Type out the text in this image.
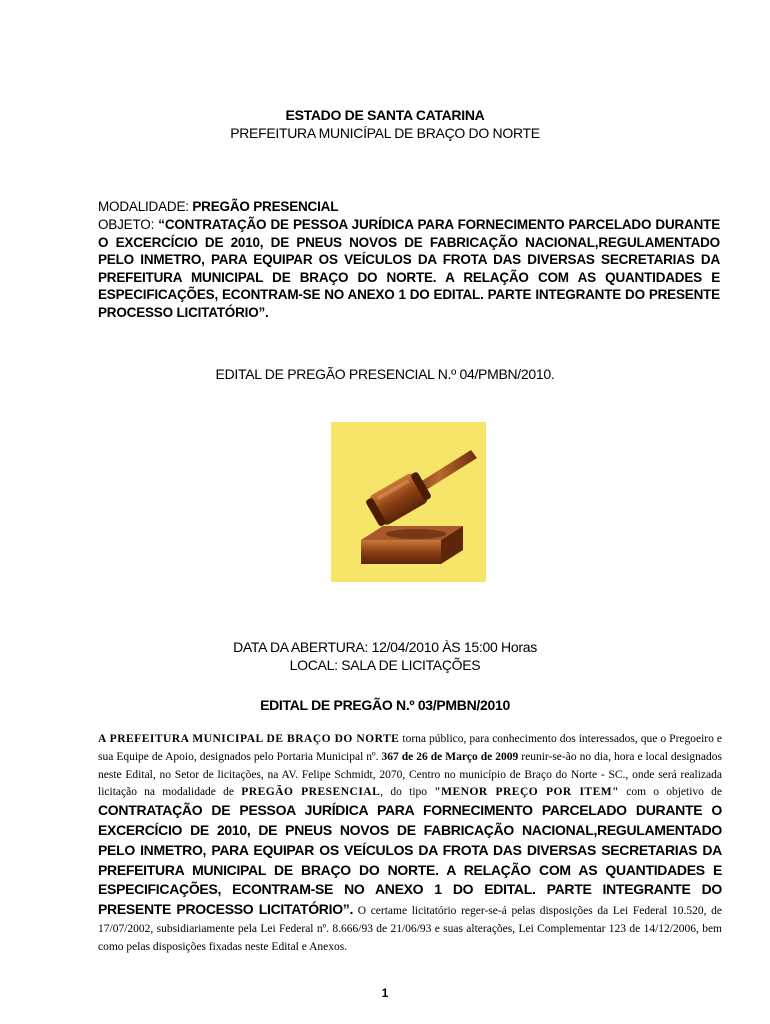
ESTADO DE SANTA CATARINA
PREFEITURA MUNICÍPAL DE BRAÇO DO NORTE
MODALIDADE: PREGÃO PRESENCIAL
OBJETO: “CONTRATAÇÃO DE PESSOA JURÍDICA PARA FORNECIMENTO PARCELADO DURANTE O EXCERCÍCIO DE 2010, DE PNEUS NOVOS DE FABRICAÇÃO NACIONAL,REGULAMENTADO PELO INMETRO, PARA EQUIPAR OS VEÍCULOS DA FROTA DAS DIVERSAS SECRETARIAS DA PREFEITURA MUNICIPAL DE BRAÇO DO NORTE. A RELAÇÃO COM AS QUANTIDADES E ESPECIFICAÇÕES, ECONTRAM-SE NO ANEXO 1 DO EDITAL. PARTE INTEGRANTE DO PRESENTE PROCESSO LICITATÓRIO”.
EDITAL DE PREGÃO PRESENCIAL N.º 04/PMBN/2010.
DATA DA ABERTURA: 12/04/2010 ÀS 15:00 Horas
LOCAL: SALA DE LICITAÇÕES
EDITAL DE PREGÃO N.º 03/PMBN/2010
A PREFEITURA MUNICIPAL DE BRAÇO DO NORTE torna público, para conhecimento dos interessados, que o Pregoeiro e sua Equipe de Apoio, designados pelo Portaria Municipal nº. 367 de 26 de Março de 2009 reunir-se-ão no dia, hora e local designados neste Edital, no Setor de licitações, na AV. Felipe Schmidt, 2070, Centro no município de Braço do Norte - SC., onde será realizada licitação na modalidade de PREGÃO PRESENCIAL, do tipo "MENOR PREÇO POR ITEM" com o objetivo de CONTRATAÇÃO DE PESSOA JURÍDICA PARA FORNECIMENTO PARCELADO DURANTE O EXCERCÍCIO DE 2010, DE PNEUS NOVOS DE FABRICAÇÃO NACIONAL,REGULAMENTADO PELO INMETRO, PARA EQUIPAR OS VEÍCULOS DA FROTA DAS DIVERSAS SECRETARIAS DA PREFEITURA MUNICIPAL DE BRAÇO DO NORTE. A RELAÇÃO COM AS QUANTIDADES E ESPECIFICAÇÕES, ECONTRAM-SE NO ANEXO 1 DO EDITAL. PARTE INTEGRANTE DO PRESENTE PROCESSO LICITATÓRIO”. O certame licitatório reger-se-á pelas disposições da Lei Federal 10.520, de 17/07/2002, subsidiariamente pela Lei Federal nº. 8.666/93 de 21/06/93 e suas alterações, Lei Complementar 123 de 14/12/2006, bem como pelas disposições fixadas neste Edital e Anexos.
1
